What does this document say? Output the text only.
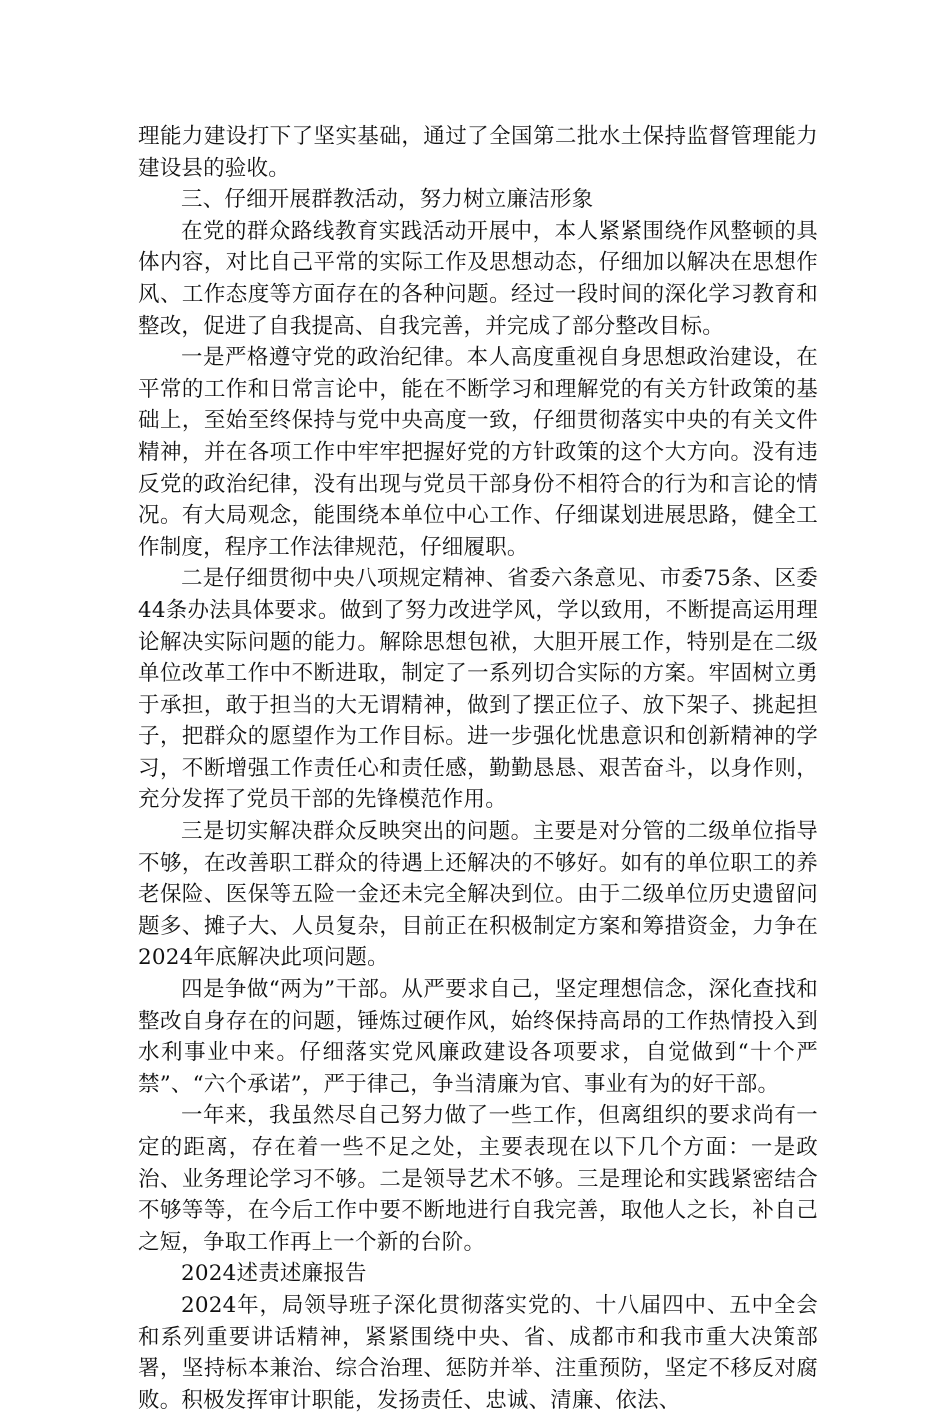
理能力建设打下了坚实基础，通过了全国第二批水土保持监督管理能力建设县的验收。

三、仔细开展群教活动，努力树立廉洁形象

在党的群众路线教育实践活动开展中，本人紧紧围绕作风整顿的具体内容，对比自己平常的实际工作及思想动态，仔细加以解决在思想作风、工作态度等方面存在的各种问题。经过一段时间的深化学习教育和整改，促进了自我提高、自我完善，并完成了部分整改目标。

一是严格遵守党的政治纪律。本人高度重视自身思想政治建设，在平常的工作和日常言论中，能在不断学习和理解党的有关方针政策的基础上，至始至终保持与党中央高度一致，仔细贯彻落实中央的有关文件精神，并在各项工作中牢牢把握好党的方针政策的这个大方向。没有违反党的政治纪律，没有出现与党员干部身份不相符合的行为和言论的情况。有大局观念，能围绕本单位中心工作、仔细谋划进展思路，健全工作制度，程序工作法律规范，仔细履职。

二是仔细贯彻中央八项规定精神、省委六条意见、市委75条、区委44条办法具体要求。做到了努力改进学风，学以致用，不断提高运用理论解决实际问题的能力。解除思想包袱，大胆开展工作，特别是在二级单位改革工作中不断进取，制定了一系列切合实际的方案。牢固树立勇于承担，敢于担当的大无谓精神，做到了摆正位子、放下架子、挑起担子，把群众的愿望作为工作目标。进一步强化忧患意识和创新精神的学习，不断增强工作责任心和责任感，勤勤恳恳、艰苦奋斗，以身作则，充分发挥了党员干部的先锋模范作用。

三是切实解决群众反映突出的问题。主要是对分管的二级单位指导不够，在改善职工群众的待遇上还解决的不够好。如有的单位职工的养老保险、医保等五险一金还未完全解决到位。由于二级单位历史遗留问题多、摊子大、人员复杂，目前正在积极制定方案和筹措资金，力争在2024年底解决此项问题。

四是争做“两为”干部。从严要求自己，坚定理想信念，深化查找和整改自身存在的问题，锤炼过硬作风，始终保持高昂的工作热情投入到水利事业中来。仔细落实党风廉政建设各项要求，自觉做到“十个严禁”、“六个承诺”，严于律己，争当清廉为官、事业有为的好干部。

一年来，我虽然尽自己努力做了一些工作，但离组织的要求尚有一定的距离，存在着一些不足之处，主要表现在以下几个方面：一是政治、业务理论学习不够。二是领导艺术不够。三是理论和实践紧密结合不够等等，在今后工作中要不断地进行自我完善，取他人之长，补自己之短，争取工作再上一个新的台阶。

2024述责述廉报告

2024年，局领导班子深化贯彻落实党的、十八届四中、五中全会和系列重要讲话精神，紧紧围绕中央、省、成都市和我市重大决策部署，坚持标本兼治、综合治理、惩防并举、注重预防，坚定不移反对腐败。积极发挥审计职能，发扬责任、忠诚、清廉、依法、
